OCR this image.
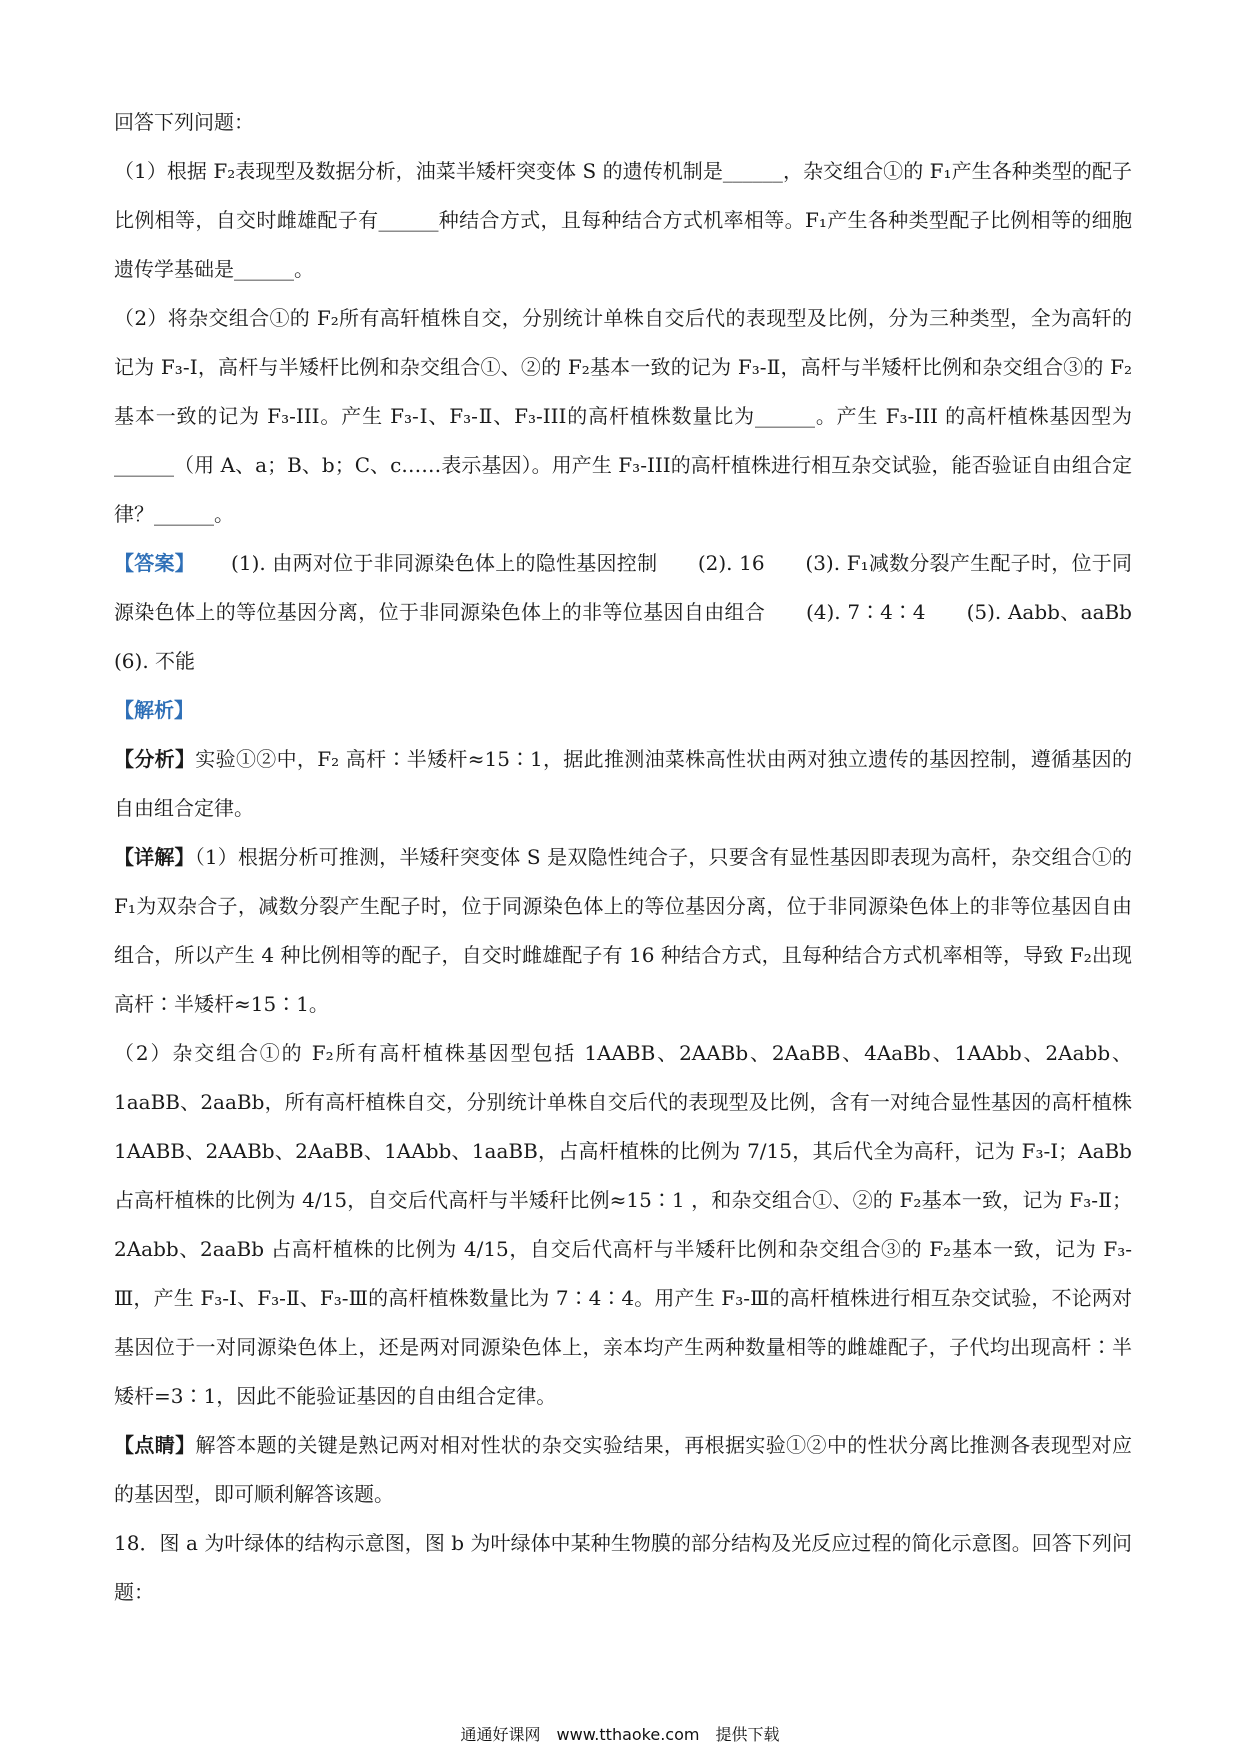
回答下列问题：

（1）根据 F₂表现型及数据分析，油菜半矮杆突变体 S 的遗传机制是______，杂交组合①的 F₁产生各种类型的配子比例相等，自交时雌雄配子有______种结合方式，且每种结合方式机率相等。F₁产生各种类型配子比例相等的细胞遗传学基础是______。

（2）将杂交组合①的 F₂所有高轩植株自交，分别统计单株自交后代的表现型及比例，分为三种类型，全为高轩的记为 F₃-Ⅰ，高杆与半矮杆比例和杂交组合①、②的 F₂基本一致的记为 F₃-Ⅱ，高杆与半矮杆比例和杂交组合③的 F₂基本一致的记为 F₃-III。产生 F₃-Ⅰ、F₃-Ⅱ、F₃-III的高杆植株数量比为______。产生 F₃-III 的高杆植株基因型为______（用 A、a；B、b；C、c……表示基因）。用产生 F₃-III的高杆植株进行相互杂交试验，能否验证自由组合定律？______。

【答案】 (1). 由两对位于非同源染色体上的隐性基因控制　　(2). 16　　(3). F₁减数分裂产生配子时，位于同源染色体上的等位基因分离，位于非同源染色体上的非等位基因自由组合　　(4). 7∶4∶4　　(5). Aabb、aaBb　　(6). 不能

【解析】

【分析】实验①②中，F₂ 高杆∶半矮杆≈15∶1，据此推测油菜株高性状由两对独立遗传的基因控制，遵循基因的自由组合定律。

【详解】（1）根据分析可推测，半矮秆突变体 S 是双隐性纯合子，只要含有显性基因即表现为高杆，杂交组合①的 F₁为双杂合子，减数分裂产生配子时，位于同源染色体上的等位基因分离，位于非同源染色体上的非等位基因自由组合，所以产生 4 种比例相等的配子，自交时雌雄配子有 16 种结合方式，且每种结合方式机率相等，导致 F₂出现高杆∶半矮杆≈15∶1。

（2）杂交组合①的 F₂所有高杆植株基因型包括 1AABB、2AABb、2AaBB、4AaBb、1AAbb、2Aabb、1aaBB、2aaBb，所有高杆植株自交，分别统计单株自交后代的表现型及比例，含有一对纯合显性基因的高杆植株 1AABB、2AABb、2AaBB、1AAbb、1aaBB，占高杆植株的比例为 7/15，其后代全为高秆，记为 F₃-I；AaBb 占高杆植株的比例为 4/15，自交后代高杆与半矮秆比例≈15∶1 ，和杂交组合①、②的 F₂基本一致，记为 F₃-Ⅱ；2Aabb、2aaBb 占高杆植株的比例为 4/15，自交后代高杆与半矮秆比例和杂交组合③的 F₂基本一致，记为 F₃-Ⅲ，产生 F₃-I、F₃-Ⅱ、F₃-Ⅲ的高杆植株数量比为 7∶4∶4。用产生 F₃-Ⅲ的高杆植株进行相互杂交试验，不论两对基因位于一对同源染色体上，还是两对同源染色体上，亲本均产生两种数量相等的雌雄配子，子代均出现高杆∶半矮杆=3∶1，因此不能验证基因的自由组合定律。

【点睛】解答本题的关键是熟记两对相对性状的杂交实验结果，再根据实验①②中的性状分离比推测各表现型对应的基因型，即可顺利解答该题。

18．图 a 为叶绿体的结构示意图，图 b 为叶绿体中某种生物膜的部分结构及光反应过程的简化示意图。回答下列问题：

通通好课网　www.tthaoke.com　提供下载
